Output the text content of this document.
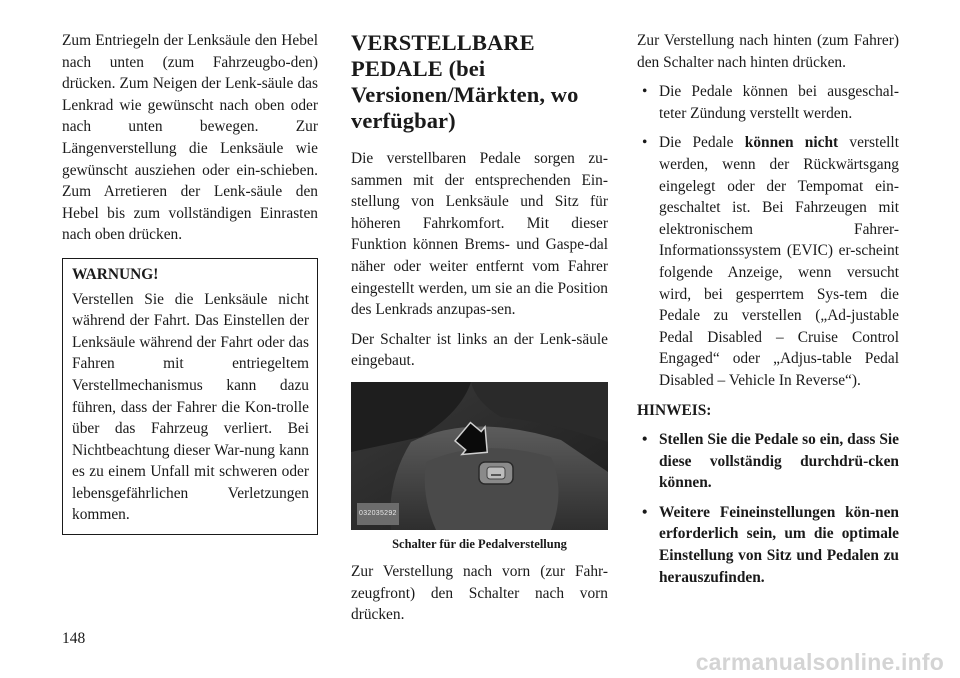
Zum Entriegeln der Lenksäule den Hebel nach unten (zum Fahrzeugbo-den) drücken. Zum Neigen der Lenk-säule das Lenkrad wie gewünscht nach oben oder nach unten bewegen. Zur Längenverstellung die Lenksäule wie gewünscht ausziehen oder ein-schieben. Zum Arretieren der Lenk-säule den Hebel bis zum vollständigen Einrasten nach oben drücken.

WARNUNG!
Verstellen Sie die Lenksäule nicht während der Fahrt. Das Einstellen der Lenksäule während der Fahrt oder das Fahren mit entriegeltem Verstellmechanismus kann dazu führen, dass der Fahrer die Kon-trolle über das Fahrzeug verliert. Bei Nichtbeachtung dieser War-nung kann es zu einem Unfall mit schweren oder lebensgefährlichen Verletzungen kommen.
VERSTELLBARE PEDALE (bei Versionen/Märkten, wo verfügbar)

Die verstellbaren Pedale sorgen zu-sammen mit der entsprechenden Ein-stellung von Lenksäule und Sitz für höheren Fahrkomfort. Mit dieser Funktion können Brems- und Gaspe-dal näher oder weiter entfernt vom Fahrer eingestellt werden, um sie an die Position des Lenkrads anzupas-sen.

Der Schalter ist links an der Lenk-säule eingebaut.

032035292
Schalter für die Pedalverstellung

Zur Verstellung nach vorn (zur Fahr-zeugfront) den Schalter nach vorn drücken.

Zur Verstellung nach hinten (zum Fahrer) den Schalter nach hinten drücken.

• Die Pedale können bei ausgeschal-teter Zündung verstellt werden.
• Die Pedale können nicht verstellt werden, wenn der Rückwärtsgang eingelegt oder der Tempomat ein-geschaltet ist. Bei Fahrzeugen mit elektronischem Fahrer-Informationssystem (EVIC) er-scheint folgende Anzeige, wenn versucht wird, bei gesperrtem Sys-tem die Pedale zu verstellen („Ad-justable Pedal Disabled – Cruise Control Engaged“ oder „Adjus-table Pedal Disabled – Vehicle In Reverse“).
HINWEIS:
• Stellen Sie die Pedale so ein, dass Sie diese vollständig durchdrü-cken können.
• Weitere Feineinstellungen kön-nen erforderlich sein, um die optimale Einstellung von Sitz und Pedalen zu herauszufinden.
148
carmanualsonline.info
